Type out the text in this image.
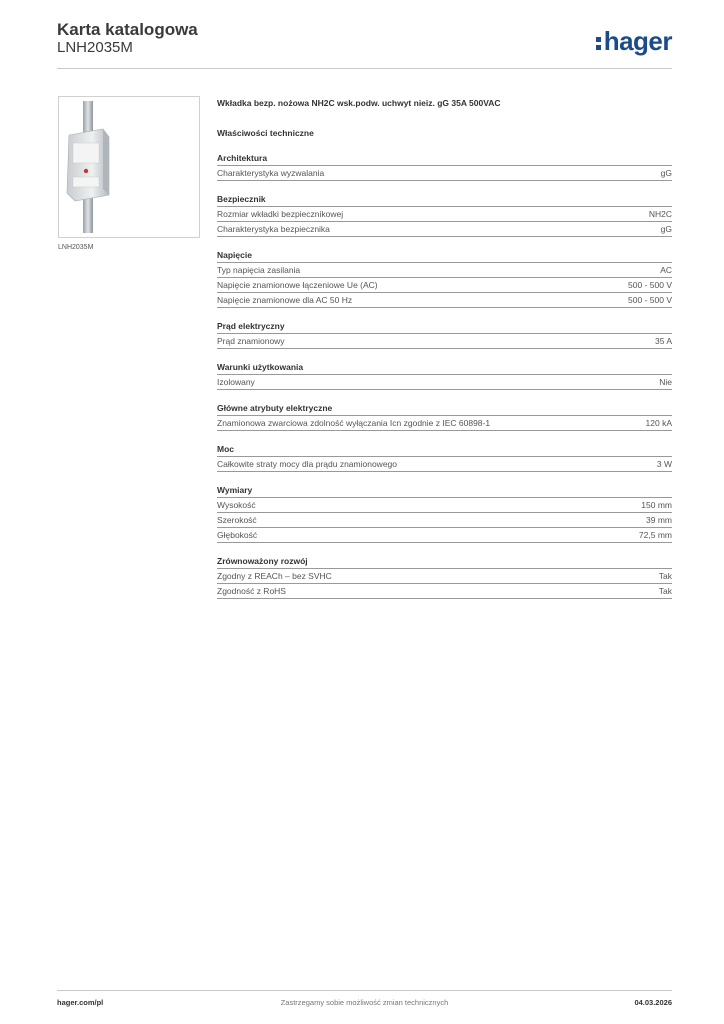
Karta katalogowa
LNH2035M	hager
LNH2035M
Wkładka bezp. nożowa NH2C wsk.podw. uchwyt nieiz. gG 35A 500VAC
Właściwości techniczne
Architektura
Charakterystyka wyzwalania	gG
Bezpiecznik
Rozmiar wkładki bezpiecznikowej	NH2C
Charakterystyka bezpiecznika	gG
Napięcie
Typ napięcia zasilania	AC
Napięcie znamionowe łączeniowe Ue (AC)	500 - 500 V
Napięcie znamionowe dla AC 50 Hz	500 - 500 V
Prąd elektryczny
Prąd znamionowy	35 A
Warunki użytkowania
Izolowany	Nie
Główne atrybuty elektryczne
Znamionowa zwarciowa zdolność wyłączania Icn zgodnie z IEC 60898-1	120 kA
Moc
Całkowite straty mocy dla prądu znamionowego	3 W
Wymiary
Wysokość	150 mm
Szerokość	39 mm
Głębokość	72,5 mm
Zrównoważony rozwój
Zgodny z REACh – bez SVHC	Tak
Zgodność z RoHS	Tak
hager.com/pl	Zastrzegamy sobie możliwość zmian technicznych	04.03.2026
